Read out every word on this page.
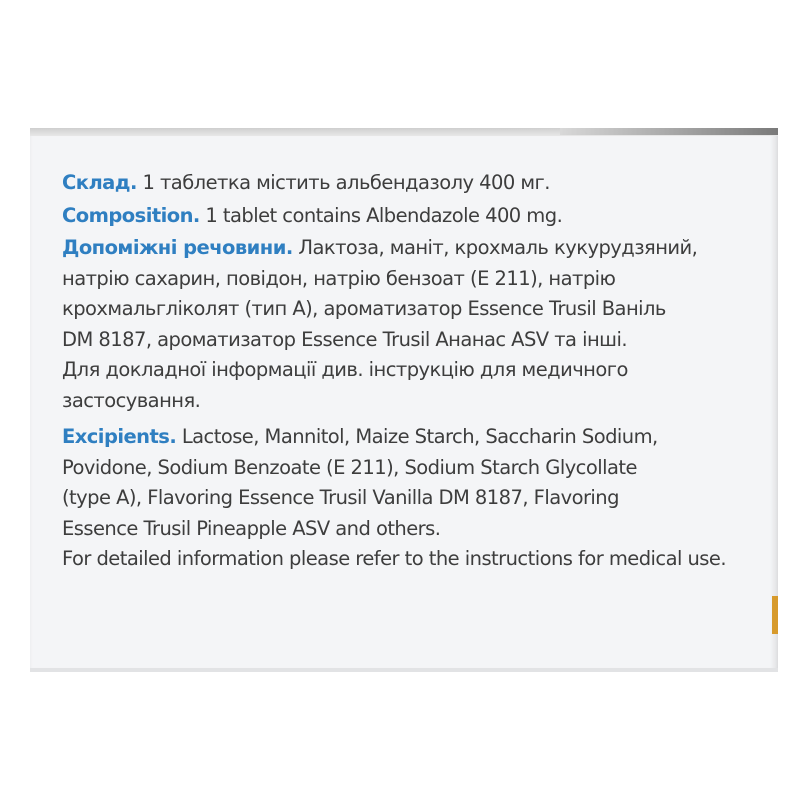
Склад. 1 таблетка містить альбендазолу 400 мг.

Composition. 1 tablet contains Albendazole 400 mg.

Допоміжні речовини. Лактоза, маніт, крохмаль кукурудзяний,
натрію сахарин, повідон, натрію бензоат (Е 211), натрію
крохмальгліколят (тип А), ароматизатор Essence Trusil Ваніль
DM 8187, ароматизатор Essence Trusil Ананас ASV та інші.
Для докладної інформації див. інструкцію для медичного
застосування.

Excipients. Lactose, Mannitol, Maize Starch, Saccharin Sodium,
Povidone, Sodium Benzoate (E 211), Sodium Starch Glycollate
(type A), Flavoring Essence Trusil Vanilla DM 8187, Flavoring
Essence Trusil Pineapple ASV and others.
For detailed information please refer to the instructions for medical use.
